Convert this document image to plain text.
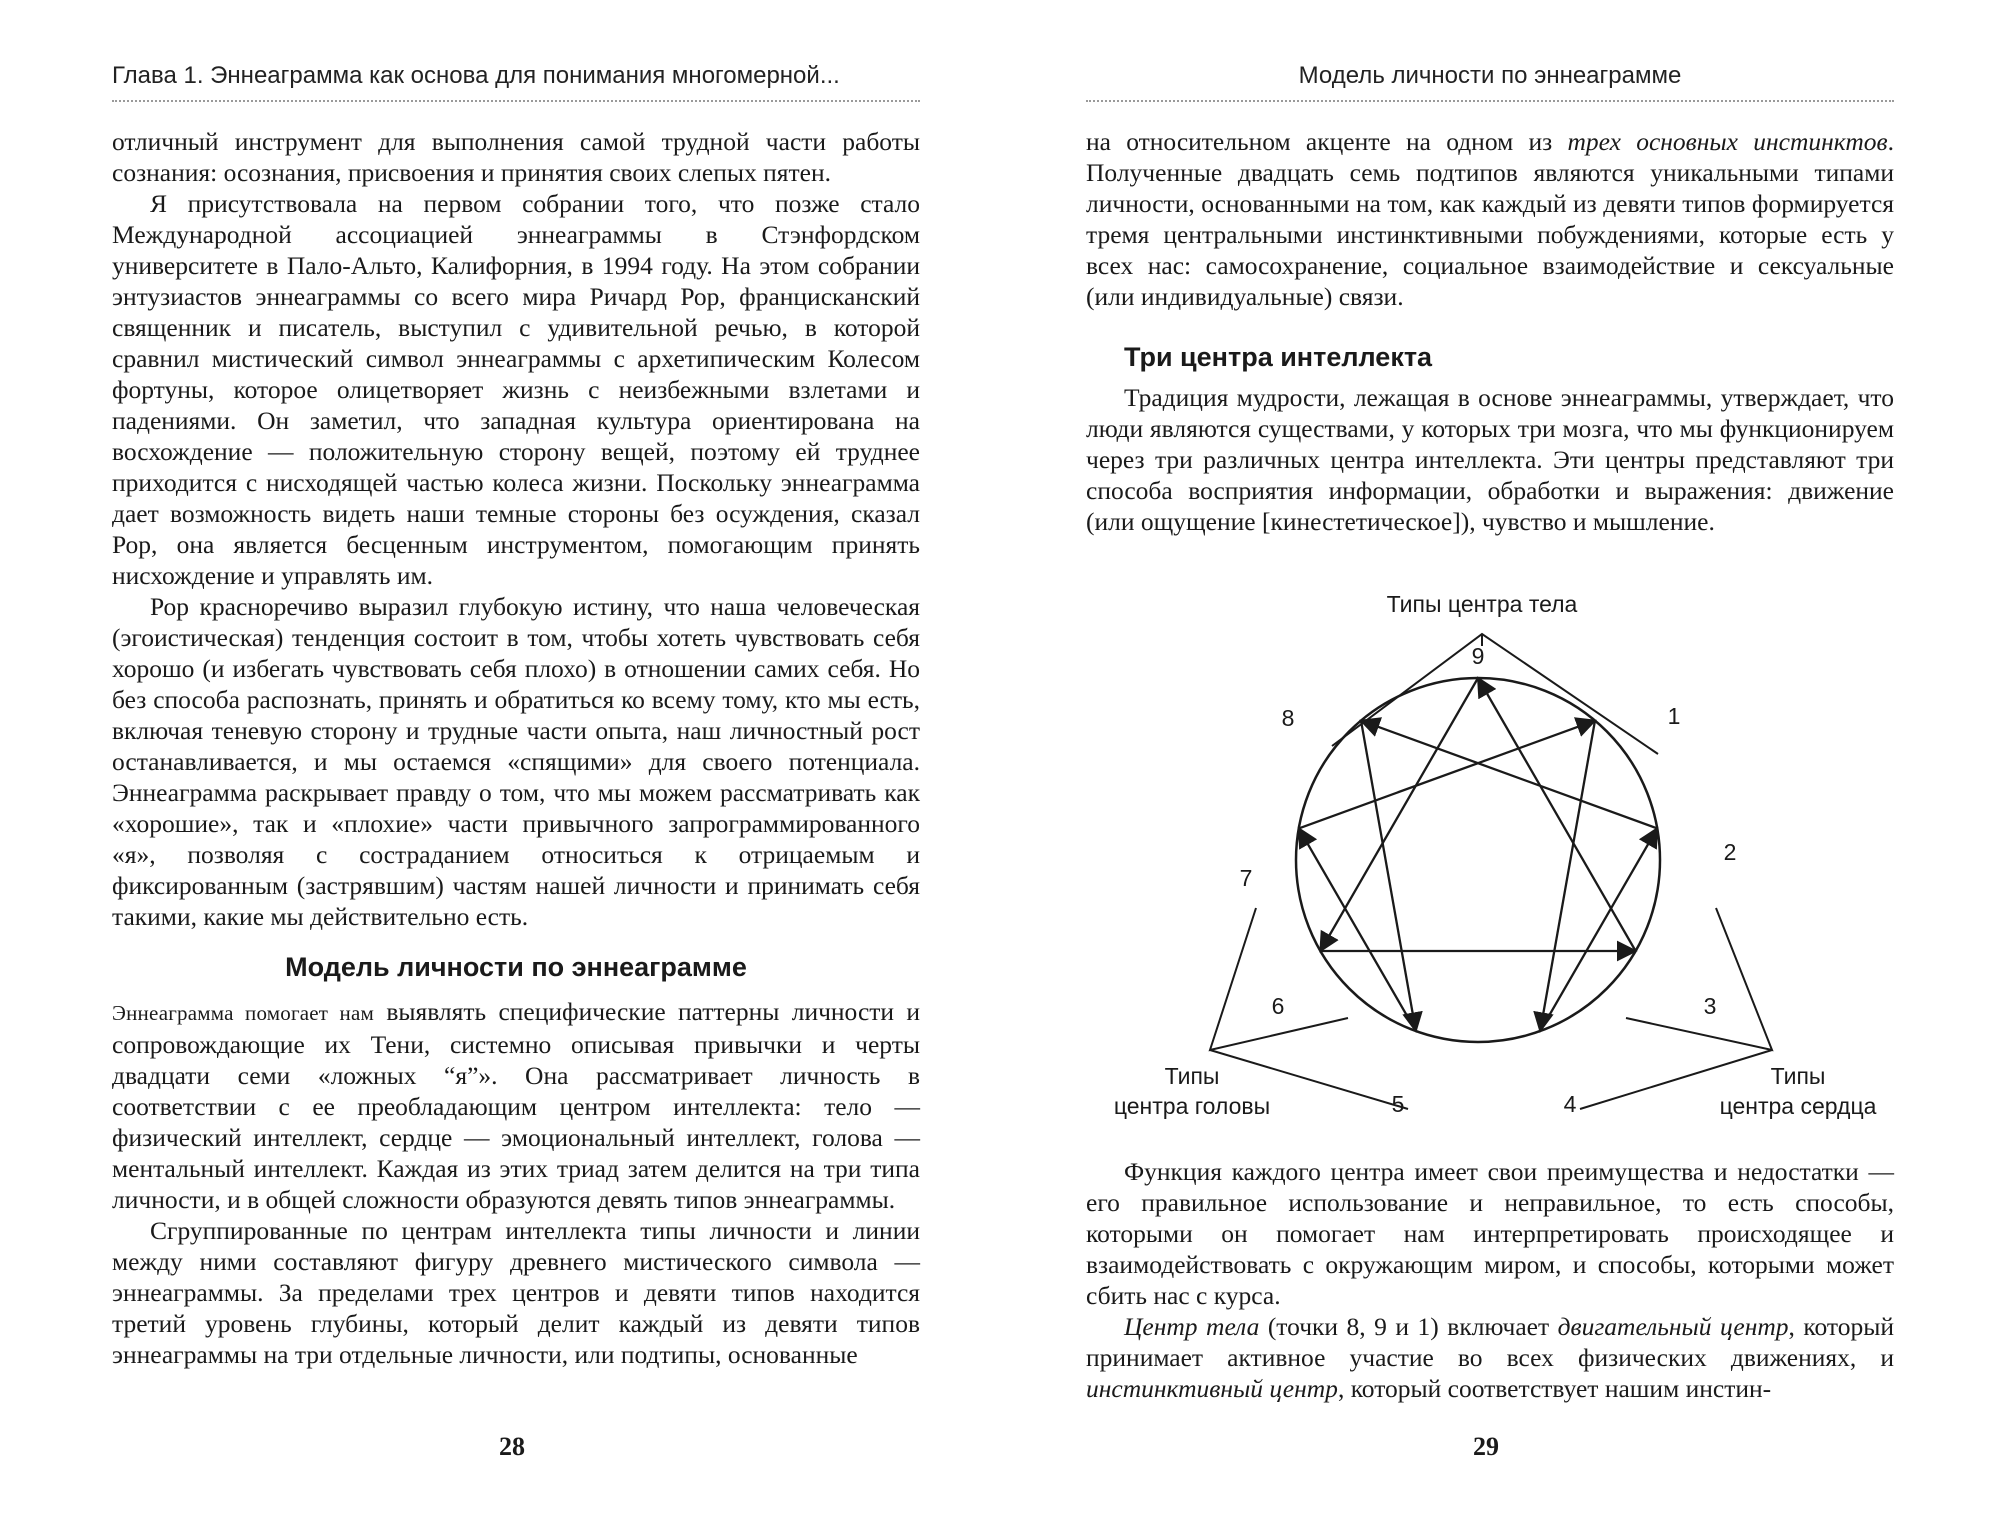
Глава 1. Эннеаграмма как основа для понимания многомерной...

отличный инструмент для выполнения самой трудной части работы сознания: осознания, присвоения и принятия своих слепых пятен.

Я присутствовала на первом собрании того, что позже стало Международной ассоциацией эннеаграммы в Стэнфордском университете в Пало-Альто, Калифорния, в 1994 году. На этом собрании энтузиастов эннеаграммы со всего мира Ричард Рор, францисканский священник и писатель, выступил с удивительной речью, в которой сравнил мистический символ эннеаграммы с архетипическим Колесом фортуны, которое олицетворяет жизнь с неизбежными взлетами и падениями. Он заметил, что западная культура ориентирована на восхождение — положительную сторону вещей, поэтому ей труднее приходится с нисходящей частью колеса жизни. Поскольку эннеаграмма дает возможность видеть наши темные стороны без осуждения, сказал Рор, она является бесценным инструментом, помогающим принять нисхождение и управлять им.

Рор красноречиво выразил глубокую истину, что наша человеческая (эгоистическая) тенденция состоит в том, чтобы хотеть чувствовать себя хорошо (и избегать чувствовать себя плохо) в отношении самих себя. Но без способа распознать, принять и обратиться ко всему тому, кто мы есть, включая теневую сторону и трудные части опыта, наш личностный рост останавливается, и мы остаемся «спящими» для своего потенциала. Эннеаграмма раскрывает правду о том, что мы можем рассматривать как «хорошие», так и «плохие» части привычного запрограммированного «я», позволяя с состраданием относиться к отрицаемым и фиксированным (застрявшим) частям нашей личности и принимать себя такими, какие мы действительно есть.

Модель личности по эннеаграмме

Эннеаграмма помогает нам выявлять специфические паттерны личности и сопровождающие их Тени, системно описывая привычки и черты двадцати семи «ложных “я”». Она рассматривает личность в соответствии с ее преобладающим центром интеллекта: тело — физический интеллект, сердце — эмоциональный интеллект, голова — ментальный интеллект. Каждая из этих триад затем делится на три типа личности, и в общей сложности образуются девять типов эннеаграммы.

Сгруппированные по центрам интеллекта типы личности и линии между ними составляют фигуру древнего мистического символа — эннеаграммы. За пределами трех центров и девяти типов находится третий уровень глубины, который делит каждый из девяти типов эннеаграммы на три отдельные личности, или подтипы, основанные

28
Модель личности по эннеаграмме

на относительном акценте на одном из трех основных инстинктов. Полученные двадцать семь подтипов являются уникальными типами личности, основанными на том, как каждый из девяти типов формируется тремя центральными инстинктивными побуждениями, которые есть у всех нас: самосохранение, социальное взаимодействие и сексуальные (или индивидуальные) связи.

Три центра интеллекта

Традиция мудрости, лежащая в основе эннеаграммы, утверждает, что люди являются существами, у которых три мозга, что мы функционируем через три различных центра интеллекта. Эти центры представляют три способа восприятия информации, обработки и выражения: движение (или ощущение [кинестетическое]), чувство и мышление.

Типы центра тела
Типы
центра головы
Типы
центра сердца
9
1
2
3
4
5
6
7
8

Функция каждого центра имеет свои преимущества и недостатки — его правильное использование и неправильное, то есть способы, которыми он помогает нам интерпретировать происходящее и взаимодействовать с окружающим миром, и способы, которыми может сбить нас с курса.

Центр тела (точки 8, 9 и 1) включает двигательный центр, который принимает активное участие во всех физических движениях, и инстинктивный центр, который соответствует нашим инстин-

29
